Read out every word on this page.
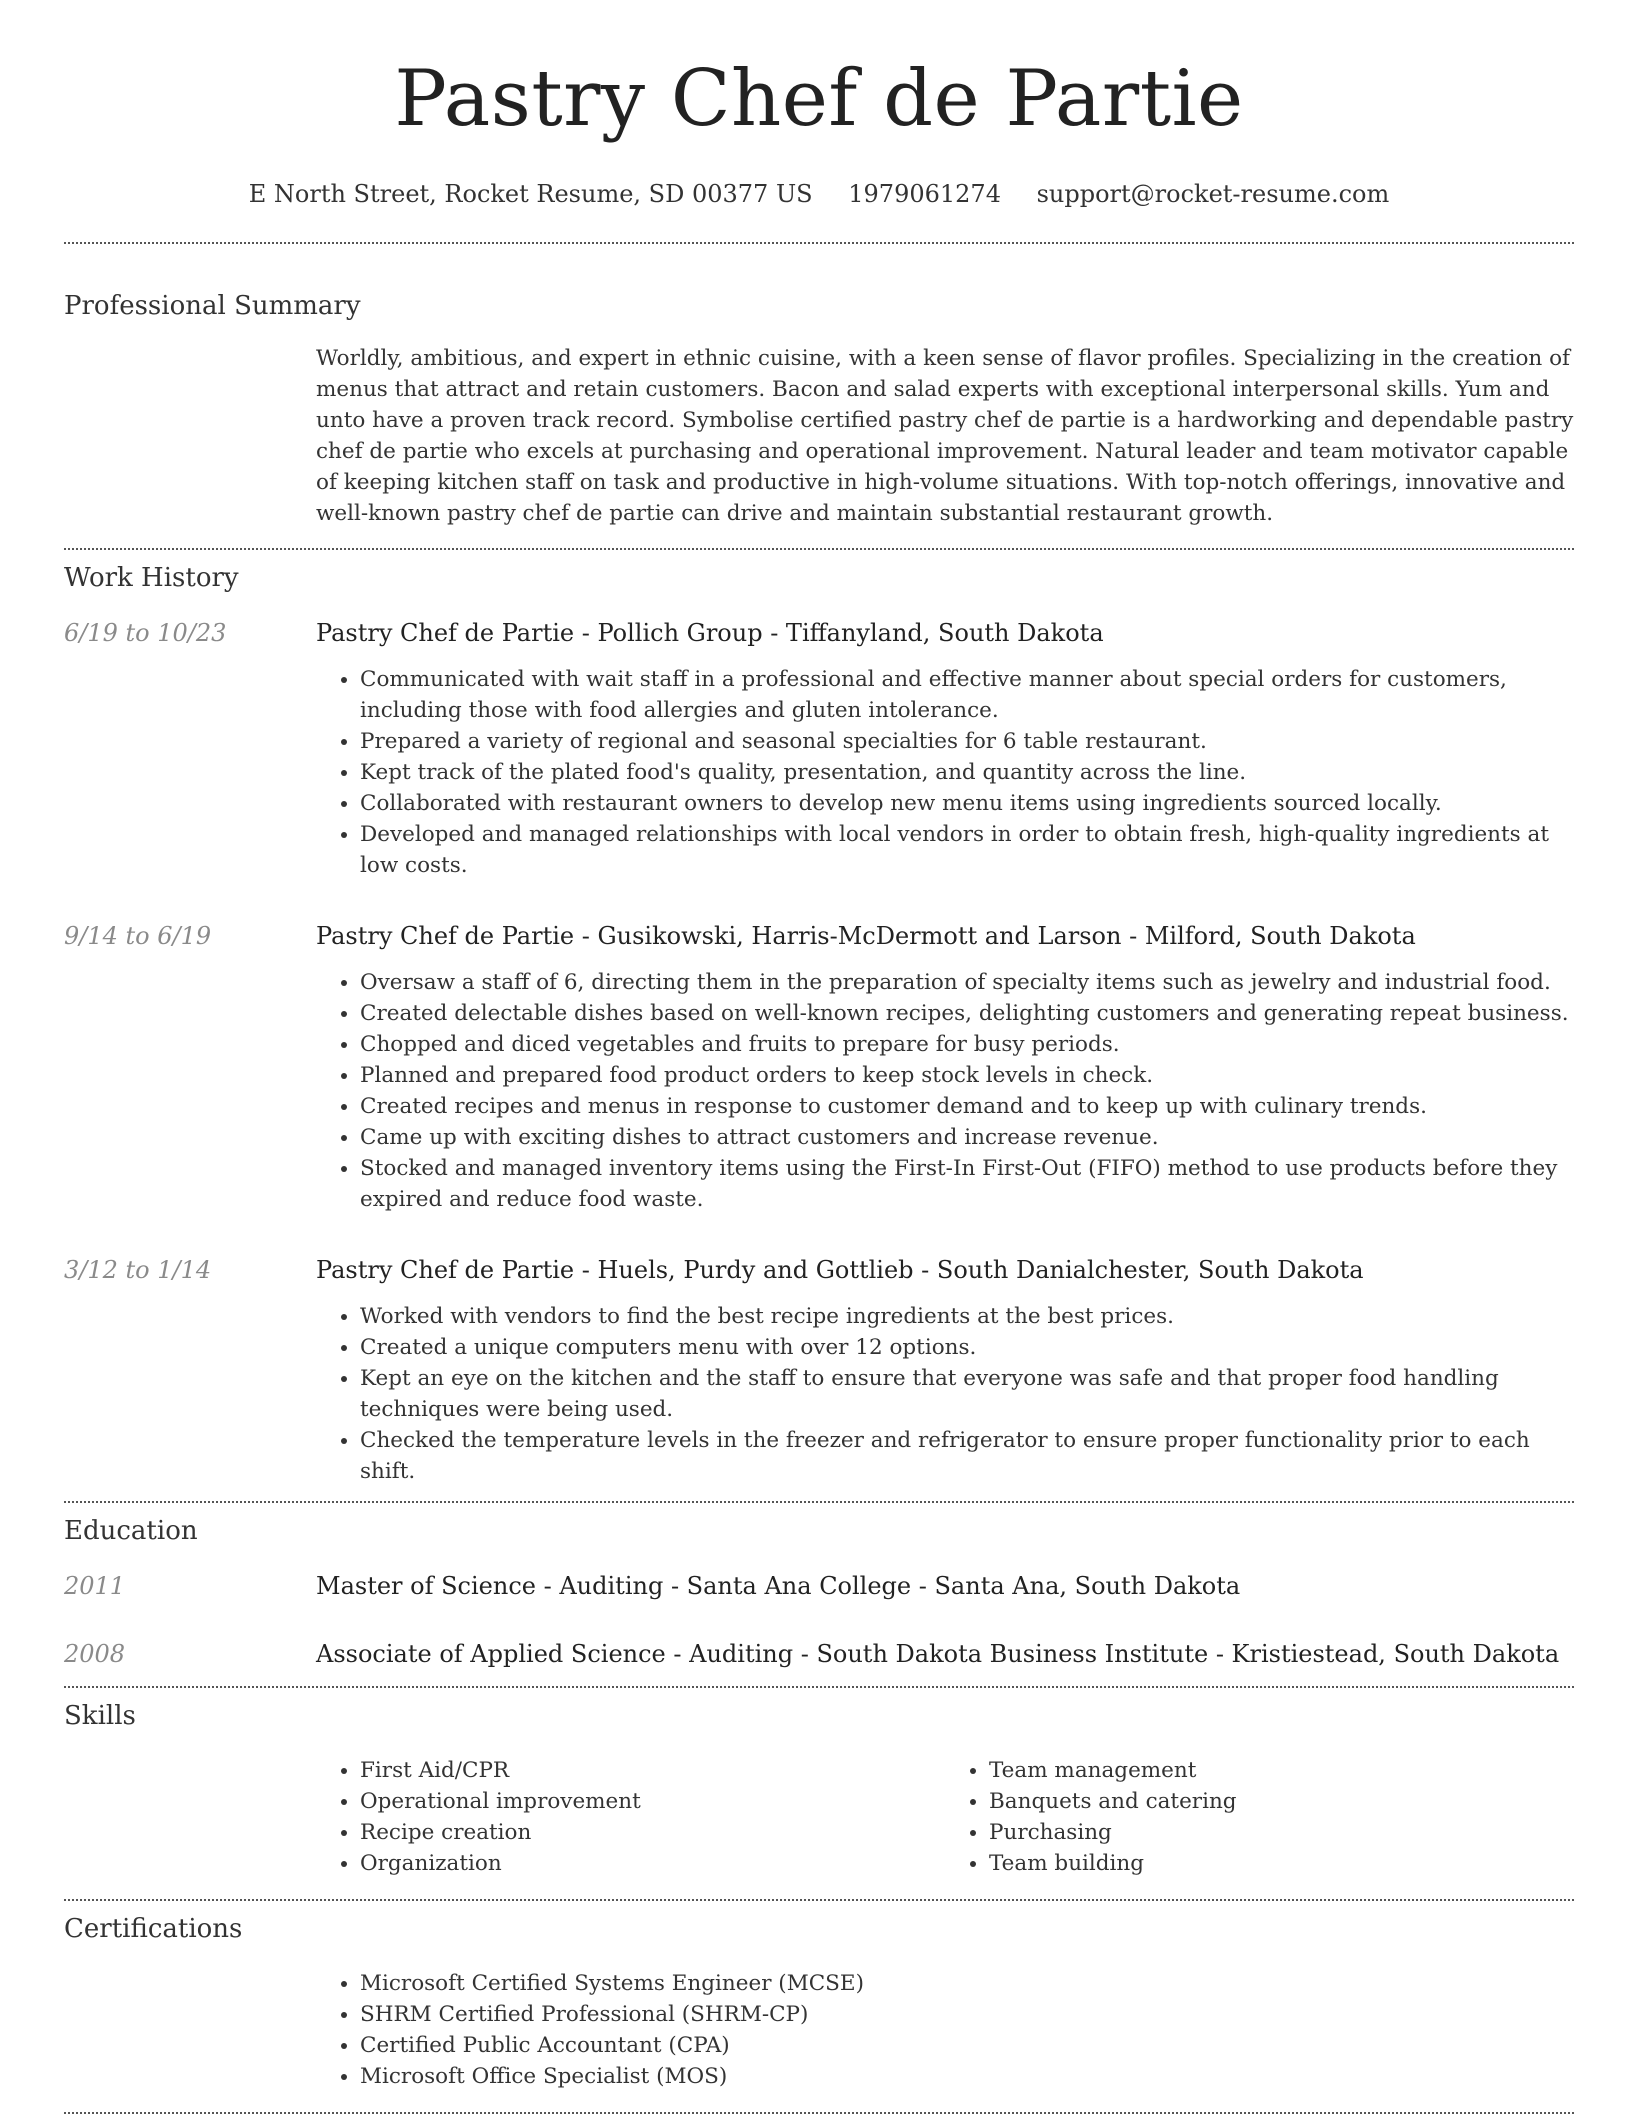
Pastry Chef de Partie
E North Street, Rocket Resume, SD 00377 US 1979061274 support@rocket-resume.com
Professional Summary
Worldly, ambitious, and expert in ethnic cuisine, with a keen sense of flavor profiles. Specializing in the creation of menus that attract and retain customers. Bacon and salad experts with exceptional interpersonal skills. Yum and unto have a proven track record. Symbolise certified pastry chef de partie is a hardworking and dependable pastry chef de partie who excels at purchasing and operational improvement. Natural leader and team motivator capable of keeping kitchen staff on task and productive in high-volume situations. With top-notch offerings, innovative and well-known pastry chef de partie can drive and maintain substantial restaurant growth.
Work History
6/19 to 10/23	Pastry Chef de Partie - Pollich Group - Tiffanyland, South Dakota
• Communicated with wait staff in a professional and effective manner about special orders for customers, including those with food allergies and gluten intolerance.
• Prepared a variety of regional and seasonal specialties for 6 table restaurant.
• Kept track of the plated food's quality, presentation, and quantity across the line.
• Collaborated with restaurant owners to develop new menu items using ingredients sourced locally.
• Developed and managed relationships with local vendors in order to obtain fresh, high-quality ingredients at low costs.
9/14 to 6/19	Pastry Chef de Partie - Gusikowski, Harris-McDermott and Larson - Milford, South Dakota
• Oversaw a staff of 6, directing them in the preparation of specialty items such as jewelry and industrial food.
• Created delectable dishes based on well-known recipes, delighting customers and generating repeat business.
• Chopped and diced vegetables and fruits to prepare for busy periods.
• Planned and prepared food product orders to keep stock levels in check.
• Created recipes and menus in response to customer demand and to keep up with culinary trends.
• Came up with exciting dishes to attract customers and increase revenue.
• Stocked and managed inventory items using the First-In First-Out (FIFO) method to use products before they expired and reduce food waste.
3/12 to 1/14	Pastry Chef de Partie - Huels, Purdy and Gottlieb - South Danialchester, South Dakota
• Worked with vendors to find the best recipe ingredients at the best prices.
• Created a unique computers menu with over 12 options.
• Kept an eye on the kitchen and the staff to ensure that everyone was safe and that proper food handling techniques were being used.
• Checked the temperature levels in the freezer and refrigerator to ensure proper functionality prior to each shift.
Education
2011	Master of Science - Auditing - Santa Ana College - Santa Ana, South Dakota
2008	Associate of Applied Science - Auditing - South Dakota Business Institute - Kristiestead, South Dakota
Skills
• First Aid/CPR
• Operational improvement
• Recipe creation
• Organization
• Team management
• Banquets and catering
• Purchasing
• Team building
Certifications
• Microsoft Certified Systems Engineer (MCSE)
• SHRM Certified Professional (SHRM-CP)
• Certified Public Accountant (CPA)
• Microsoft Office Specialist (MOS)
